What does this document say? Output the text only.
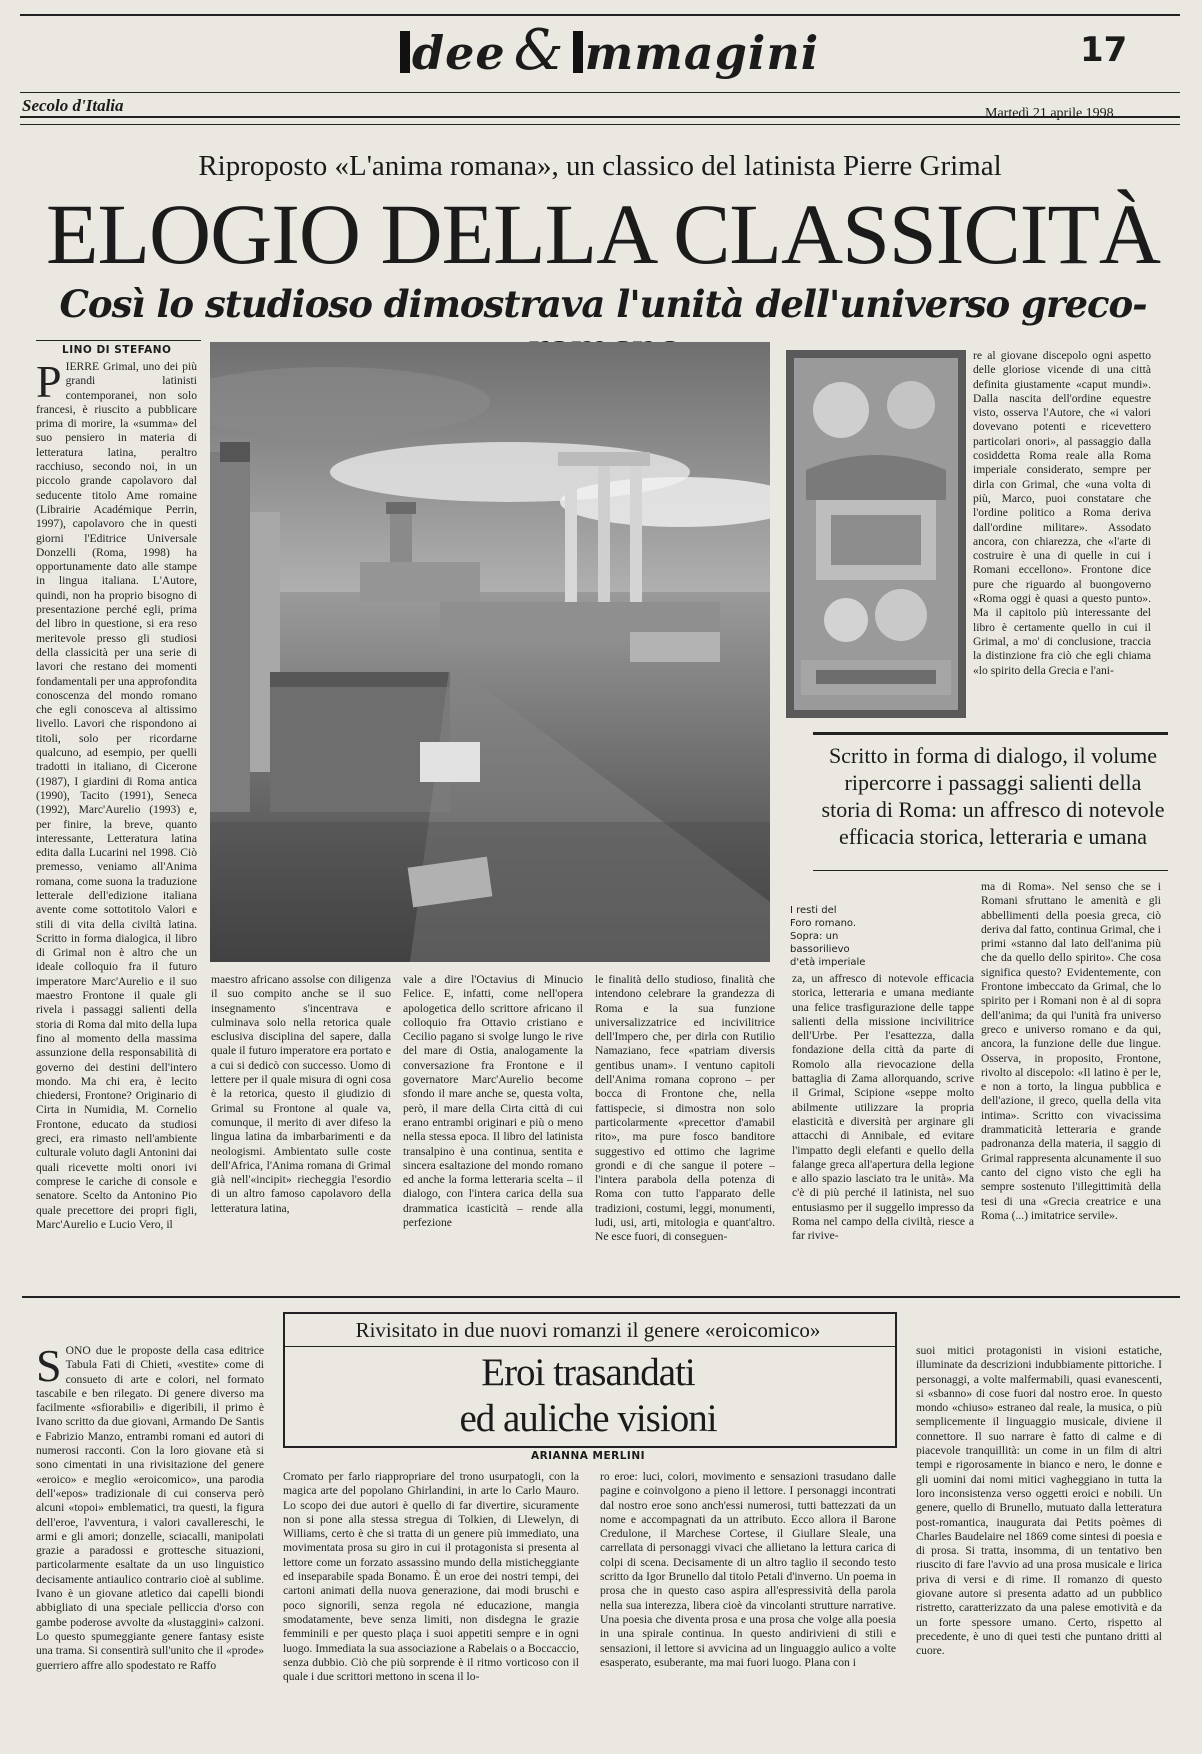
dee & mmagini	17
Secolo d'Italia	Martedì 21 aprile 1998
Riproposto «L'anima romana», un classico del latinista Pierre Grimal
ELOGIO DELLA CLASSICITÀ
Così lo studioso dimostrava l'unità dell'universo greco-
LINO DI STEFANO
PIERRE Grimal, uno dei più grandi latinisti contemporanei, non solo francesi, è riuscito a pubblicare prima di morire, la «summa» del suo pensiero in materia di letteratura latina, peraltro racchiuso, secondo noi, in un piccolo grande capolavoro dal seducente titolo Ame romaine (Librairie Académique Perrin, 1997), capolavoro che in questi giorni l'Editrice Universale Donzelli (Roma, 1998) ha opportunamente dato alle stampe in lingua italiana. L'Autore, quindi, non ha proprio bisogno di presentazione perché egli, prima del libro in questione, si era reso meritevole presso gli studiosi della classicità per una serie di lavori che restano dei momenti fondamentali per una approfondita conoscenza del mondo romano che egli conosceva al altissimo livello. Lavori che rispondono ai titoli, solo per ricordarne qualcuno, ad esempio, per quelli tradotti in italiano, di Cicerone (1987), I giardini di Roma antica (1990), Tacito (1991), Seneca (1992), Marc'Aurelio (1993) e, per finire, la breve, quanto interessante, Letteratura latina edita dalla Lucarini nel 1998. Ciò premesso, veniamo all'Anima romana, come suona la traduzione letterale dell'edizione italiana avente come sottotitolo Valori e stili di vita della civiltà latina. Scritto in forma dialogica, il libro di Grimal non è altro che un ideale colloquio fra il futuro imperatore Marc'Aurelio e il suo maestro Frontone il quale gli rivela i passaggi salienti della storia di Roma dal mito della lupa fino al momento della massima assunzione della responsabilità di governo dei destini dell'intero mondo. Ma chi era, è lecito chiedersi, Frontone? Originario di Cirta in Numidia, M. Cornelio Frontone, educato da studiosi greci, era rimasto nell'ambiente culturale voluto dagli Antonini dai quali ricevette molti onori ivi comprese le cariche di console e senatore. Scelto da Antonino Pio quale precettore dei propri figli, Marc'Aurelio e Lucio Vero, il
re al giovane discepolo ogni aspetto delle gloriose vicende di una città definita giustamente «caput mundi». Dalla nascita dell'ordine equestre visto, osserva l'Autore, che «i valori dovevano potenti e ricevettero particolari onori», al passaggio dalla cosiddetta Roma reale alla Roma imperiale considerato, sempre per dirla con Grimal, che «una volta di più, Marco, puoi constatare che l'ordine politico a Roma deriva dall'ordine militare». Assodato ancora, con chiarezza, che «l'arte di costruire è una di quelle in cui i Romani eccellono». Frontone dice pure che riguardo al buongoverno «Roma oggi è quasi a questo punto». Ma il capitolo più interessante del libro è certamente quello in cui il Grimal, a mo' di conclusione, traccia la distinzione fra ciò che egli chiama «lo spirito della Grecia e l'ani-
Scritto in forma di dialogo, il volume ripercorre i passaggi salienti della storia di Roma: un affresco di notevole efficacia storica, letteraria e umana
I resti del
Foro romano.
Sopra: un bassorilievo
d'età imperiale
maestro africano assolse con diligenza il suo compito anche se il suo insegnamento s'incentrava e culminava solo nella retorica quale esclusiva disciplina del sapere, dalla quale il futuro imperatore era portato e a cui si dedicò con successo. Uomo di lettere per il quale misura di ogni cosa è la retorica, questo il giudizio di Grimal su Frontone al quale va, comunque, il merito di aver difeso la lingua latina da imbarbarimenti e da neologismi. Ambientato sulle coste dell'Africa, l'Anima romana di Grimal già nell'«incipit» riecheggia l'esordio di un altro famoso capolavoro della letteratura latina,
vale a dire l'Octavius di Minucio Felice. E, infatti, come nell'opera apologetica dello scrittore africano il colloquio fra Ottavio cristiano e Cecilio pagano si svolge lungo le rive del mare di Ostia, analogamente la conversazione fra Frontone e il governatore Marc'Aurelio become sfondo il mare anche se, questa volta, però, il mare della Cirta città di cui erano entrambi originari e più o meno nella stessa epoca. Il libro del latinista transalpino è una continua, sentita e sincera esaltazione del mondo romano ed anche la forma letteraria scelta – il dialogo, con l'intera carica della sua drammatica icasticità – rende alla perfezione
le finalità dello studioso, finalità che intendono celebrare la grandezza di Roma e la sua funzione universalizzatrice ed incivilitrice dell'Impero che, per dirla con Rutilio Namaziano, fece «patriam diversis gentibus unam». I ventuno capitoli dell'Anima romana coprono – per bocca di Frontone che, nella fattispecie, si dimostra non solo particolarmente «precettor d'amabil rito», ma pure fosco banditore suggestivo ed ottimo che lagrime grondi e di che sangue il potere – l'intera parabola della potenza di Roma con tutto l'apparato delle tradizioni, costumi, leggi, monumenti, ludi, usi, arti, mitologia e quant'altro. Ne esce fuori, di conseguen-
za, un affresco di notevole efficacia storica, letteraria e umana mediante una felice trasfigurazione delle tappe salienti della missione incivilitrice dell'Urbe. Per l'esattezza, dalla fondazione della città da parte di Romolo alla rievocazione della battaglia di Zama allorquando, scrive il Grimal, Scipione «seppe molto abilmente utilizzare la propria elasticità e diversità per arginare gli attacchi di Annibale, ed evitare l'impatto degli elefanti e quello della falange greca all'apertura della legione e allo spazio lasciato tra le unità». Ma c'è di più perché il latinista, nel suo entusiasmo per il suggello impresso da Roma nel campo della civiltà, riesce a far rivive-
ma di Roma». Nel senso che se i Romani sfruttano le amenità e gli abbellimenti della poesia greca, ciò deriva dal fatto, continua Grimal, che i primi «stanno dal lato dell'anima più che da quello dello spirito». Che cosa significa questo? Evidentemente, con Frontone imbeccato da Grimal, che lo spirito per i Romani non è al di sopra dell'anima; da qui l'unità fra universo greco e universo romano e da qui, ancora, la funzione delle due lingue. Osserva, in proposito, Frontone, rivolto al discepolo: «Il latino è per le, e non a torto, la lingua pubblica e dell'azione, il greco, quella della vita intima». Scritto con vivacissima drammaticità letteraria e grande padronanza della materia, il saggio di Grimal rappresenta alcunamente il suo canto del cigno visto che egli ha sempre sostenuto l'illegittimità della tesi di una «Grecia creatrice e una Roma (...) imitatrice servile».
Rivisitato in due nuovi romanzi il genere «eroicomico»
Eroi trasandati
ed auliche visioni
ARIANNA MERLINI
SONO due le proposte della casa editrice Tabula Fati di Chieti, «vestite» come di consueto di arte e colori, nel formato tascabile e ben rilegato. Di genere diverso ma facilmente «sfiorabili» e digeribili, il primo è Ivano scritto da due giovani, Armando De Santis e Fabrizio Manzo, entrambi romani ed autori di numerosi racconti. Con la loro giovane età si sono cimentati in una rivisitazione del genere «eroico» e meglio «eroicomico», una parodia dell'«epos» tradizionale di cui conserva però alcuni «topoi» emblematici, tra questi, la figura dell'eroe, l'avventura, i valori cavallereschi, le armi e gli amori; donzelle, sciacalli, manipolati grazie a paradossi e grottesche situazioni, particolarmente esaltate da un uso linguistico decisamente antiaulico contrario cioè al sublime. Ivano è un giovane atletico dai capelli biondi abbigliato di una speciale pelliccia d'orso con gambe poderose avvolte da «lustaggini» calzoni. Lo questo spumeggiante genere fantasy esiste una trama. Si consentirà sull'unito che il «prode» guerriero affre allo spodestato re Raffo
Cromato per farlo riappropriare del trono usurpatogli, con la magica arte del popolano Ghirlandini, in arte lo Carlo Mauro. Lo scopo dei due autori è quello di far divertire, sicuramente non si pone alla stessa stregua di Tolkien, di Llewelyn, di Williams, certo è che si tratta di un genere più immediato, una movimentata prosa su giro in cui il protagonista si presenta al lettore come un forzato assassino mundo della misticheggiante ed inseparabile spada Bonamo. È un eroe dei nostri tempi, dei cartoni animati della nuova generazione, dai modi bruschi e poco signorili, senza regola né educazione, mangia smodatamente, beve senza limiti, non disdegna le grazie femminili e per questo plaça i suoi appetiti sempre e in ogni luogo. Immediata la sua associazione a Rabelais o a Boccaccio, senza dubbio. Ciò che più sorprende è il ritmo vorticoso con il quale i due scrittori mettono in scena il lo-
ro eroe: luci, colori, movimento e sensazioni trasudano dalle pagine e coinvolgono a pieno il lettore. I personaggi incontrati dal nostro eroe sono anch'essi numerosi, tutti battezzati da un nome e accompagnati da un attributo. Ecco allora il Barone Credulone, il Marchese Cortese, il Giullare Sleale, una carrellata di personaggi vivaci che allietano la lettura carica di colpi di scena. Decisamente di un altro taglio il secondo testo scritto da Igor Brunello dal titolo Petali d'inverno. Un poema in prosa che in questo caso aspira all'espressività della parola nella sua interezza, libera cioè da vincolanti strutture narrative. Una poesia che diventa prosa e una prosa che volge alla poesia in una spirale continua. In questo andirivieni di stili e sensazioni, il lettore si avvicina ad un linguaggio aulico a volte esasperato, esuberante, ma mai fuori luogo. Plana con i
suoi mitici protagonisti in visioni estatiche, illuminate da descrizioni indubbiamente pittoriche. I personaggi, a volte malfermabili, quasi evanescenti, si «sbanno» di cose fuori dal nostro eroe. In questo mondo «chiuso» estraneo dal reale, la musica, o più semplicemente il linguaggio musicale, diviene il connettore. Il suo narrare è fatto di calme e di piacevole tranquillità: un come in un film di altri tempi e rigorosamente in bianco e nero, le donne e gli uomini dai nomi mitici vagheggiano in tutta la loro inconsistenza verso oggetti eroici e nobili. Un genere, quello di Brunello, mutuato dalla letteratura post-romantica, inaugurata dai Petits poèmes di Charles Baudelaire nel 1869 come sintesi di poesia e di prosa. Si tratta, insomma, di un tentativo ben riuscito di fare l'avvio ad una prosa musicale e lirica priva di versi e di rime. Il romanzo di questo giovane autore si presenta adatto ad un pubblico ristretto, caratterizzato da una palese emotività e da un forte spessore umano. Certo, rispetto al precedente, è uno di quei testi che puntano dritti al cuore.
